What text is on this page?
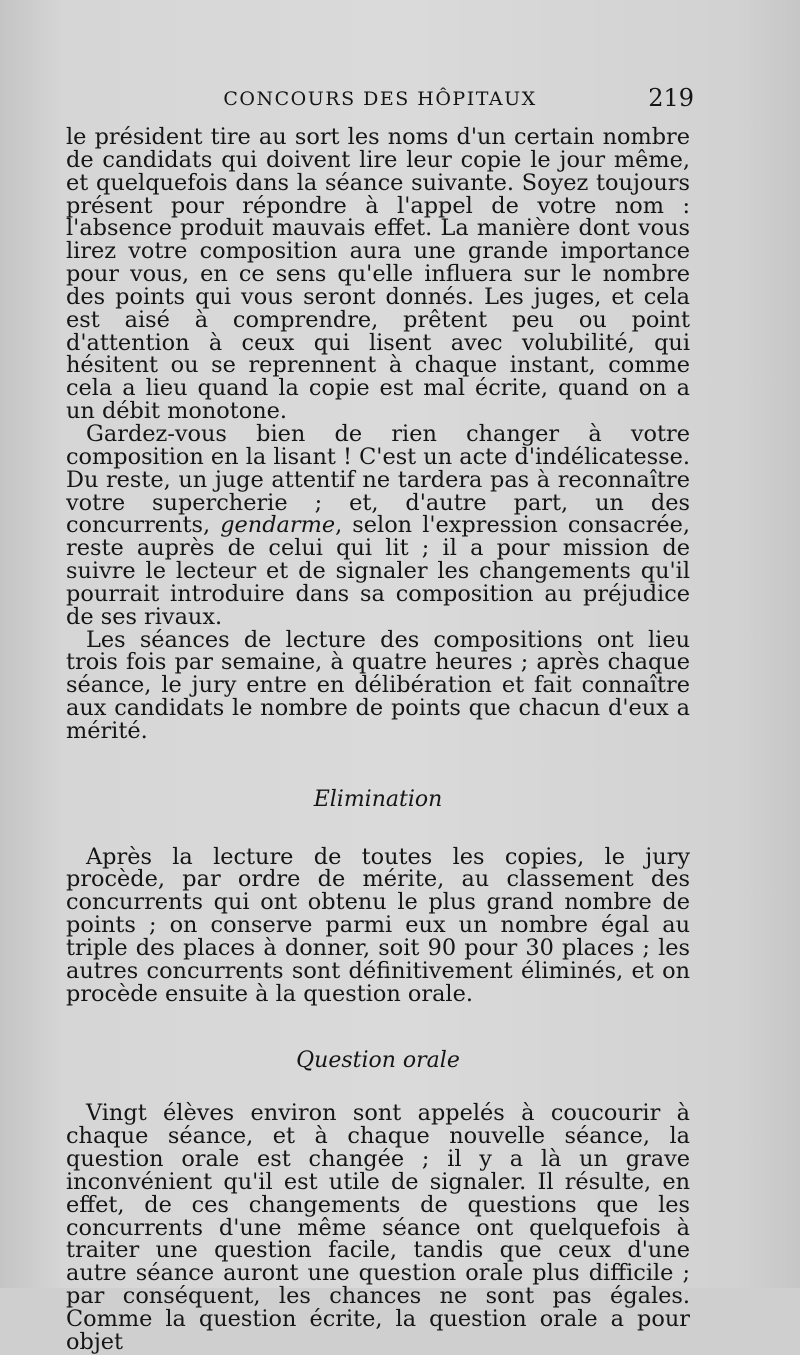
CONCOURS DES HÔPITAUX	219

le président tire au sort les noms d'un certain nombre de candidats qui doivent lire leur copie le jour même, et quelquefois dans la séance suivante. Soyez toujours présent pour répondre à l'appel de votre nom : l'absence produit mauvais effet. La manière dont vous lirez votre composition aura une grande importance pour vous, en ce sens qu'elle influera sur le nombre des points qui vous seront donnés. Les juges, et cela est aisé à comprendre, prêtent peu ou point d'attention à ceux qui lisent avec volubilité, qui hésitent ou se reprennent à chaque instant, comme cela a lieu quand la copie est mal écrite, quand on a un débit monotone.

Gardez-vous bien de rien changer à votre composition en la lisant ! C'est un acte d'indélicatesse. Du reste, un juge attentif ne tardera pas à reconnaître votre supercherie ; et, d'autre part, un des concurrents, gendarme, selon l'expression consacrée, reste auprès de celui qui lit ; il a pour mission de suivre le lecteur et de signaler les changements qu'il pourrait introduire dans sa composition au préjudice de ses rivaux.

Les séances de lecture des compositions ont lieu trois fois par semaine, à quatre heures ; après chaque séance, le jury entre en délibération et fait connaître aux candidats le nombre de points que chacun d'eux a mérité.

Elimination

Après la lecture de toutes les copies, le jury procède, par ordre de mérite, au classement des concurrents qui ont obtenu le plus grand nombre de points ; on conserve parmi eux un nombre égal au triple des places à donner, soit 90 pour 30 places ; les autres concurrents sont définitivement éliminés, et on procède ensuite à la question orale.

Question orale

Vingt élèves environ sont appelés à coucourir à chaque séance, et à chaque nouvelle séance, la question orale est changée ; il y a là un grave inconvénient qu'il est utile de signaler. Il résulte, en effet, de ces changements de questions que les concurrents d'une même séance ont quelquefois à traiter une question facile, tandis que ceux d'une autre séance auront une question orale plus difficile ; par conséquent, les chances ne sont pas égales. Comme la question écrite, la question orale a pour objet
